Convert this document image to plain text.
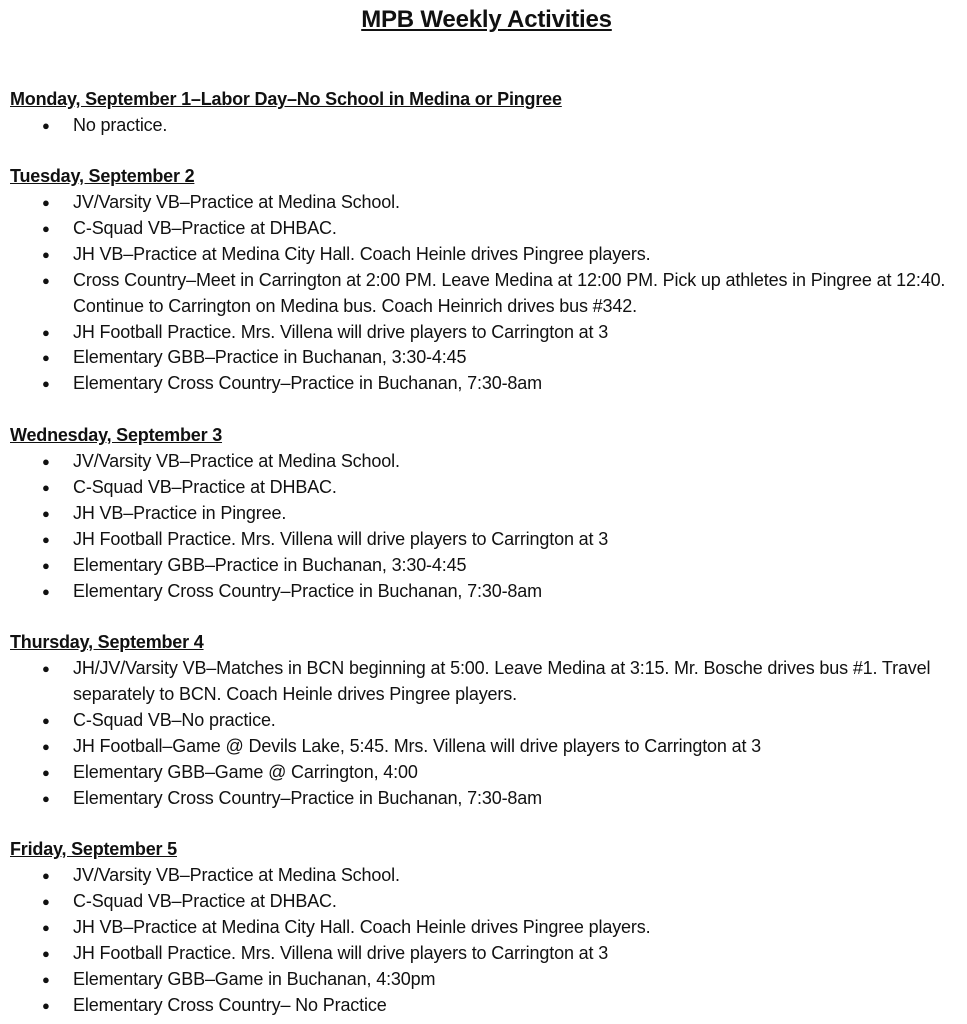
MPB Weekly Activities
Monday, September 1–Labor Day–No School in Medina or Pingree
● No practice.
Tuesday, September 2
● JV/Varsity VB–Practice at Medina School.
● C-Squad VB–Practice at DHBAC.
● JH VB–Practice at Medina City Hall. Coach Heinle drives Pingree players.
● Cross Country–Meet in Carrington at 2:00 PM. Leave Medina at 12:00 PM. Pick up athletes in Pingree at 12:40. Continue to Carrington on Medina bus. Coach Heinrich drives bus #342.
● JH Football Practice. Mrs. Villena will drive players to Carrington at 3
● Elementary GBB–Practice in Buchanan, 3:30-4:45
● Elementary Cross Country–Practice in Buchanan, 7:30-8am
Wednesday, September 3
● JV/Varsity VB–Practice at Medina School.
● C-Squad VB–Practice at DHBAC.
● JH VB–Practice in Pingree.
● JH Football Practice. Mrs. Villena will drive players to Carrington at 3
● Elementary GBB–Practice in Buchanan, 3:30-4:45
● Elementary Cross Country–Practice in Buchanan, 7:30-8am
Thursday, September 4
● JH/JV/Varsity VB–Matches in BCN beginning at 5:00. Leave Medina at 3:15. Mr. Bosche drives bus #1. Travel separately to BCN. Coach Heinle drives Pingree players.
● C-Squad VB–No practice.
● JH Football–Game @ Devils Lake, 5:45. Mrs. Villena will drive players to Carrington at 3
● Elementary GBB–Game @ Carrington, 4:00
● Elementary Cross Country–Practice in Buchanan, 7:30-8am
Friday, September 5
● JV/Varsity VB–Practice at Medina School.
● C-Squad VB–Practice at DHBAC.
● JH VB–Practice at Medina City Hall. Coach Heinle drives Pingree players.
● JH Football Practice. Mrs. Villena will drive players to Carrington at 3
● Elementary GBB–Game in Buchanan, 4:30pm
● Elementary Cross Country– No Practice
